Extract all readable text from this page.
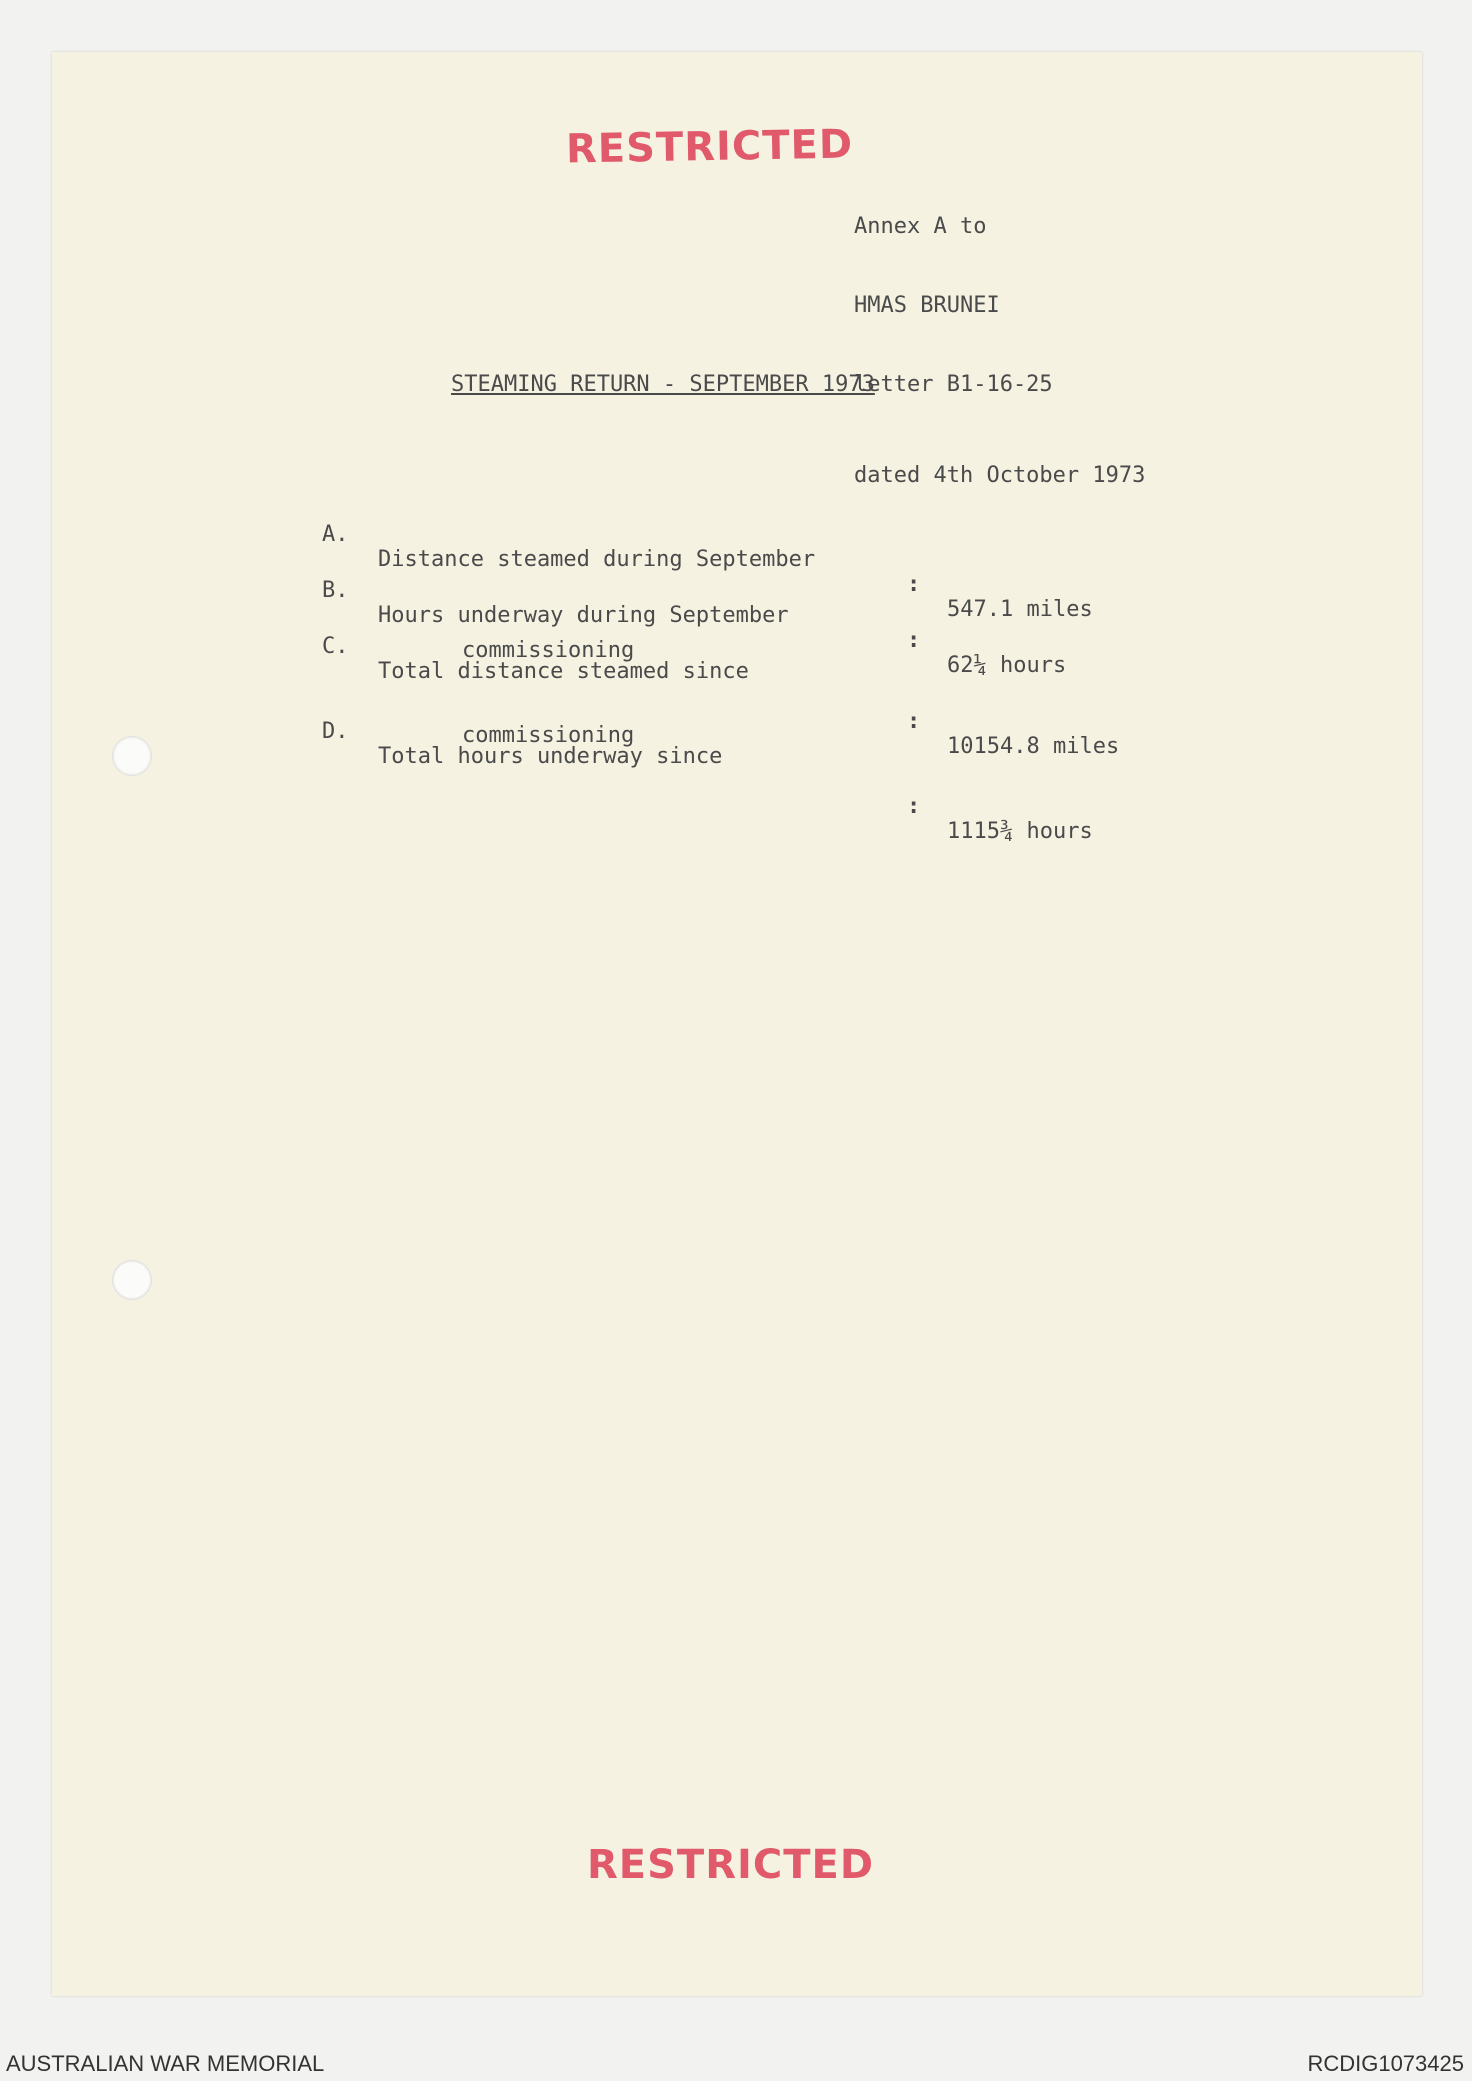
RESTRICTED

Annex A to

HMAS BRUNEI

letter B1-16-25

dated 4th October 1973

STEAMING RETURN - SEPTEMBER 1973

A.

Distance steamed during September

:

547.1 miles

B.

Hours underway during September

:

62¼ hours

C.

Total distance steamed since

commissioning

:

10154.8 miles

D.

Total hours underway since

commissioning

:

1115¾ hours

RESTRICTED
AUSTRALIAN WAR MEMORIAL	RCDIG1073425
